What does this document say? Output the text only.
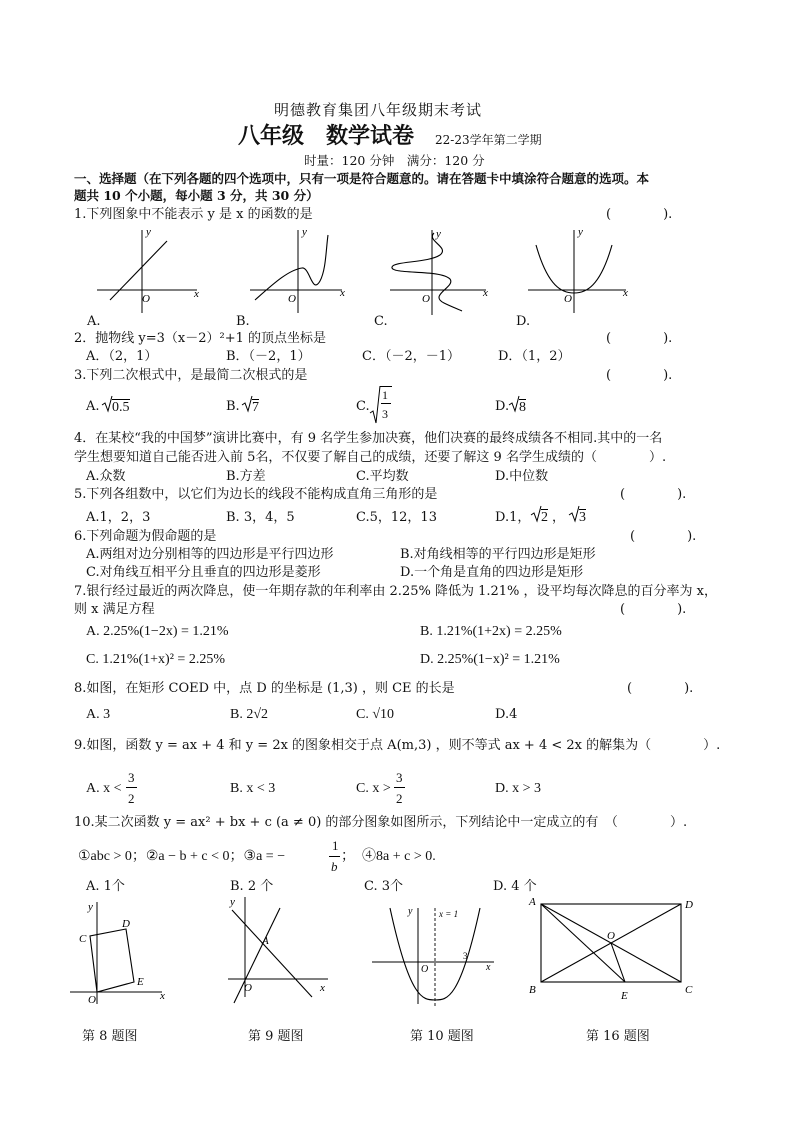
明德教育集团八年级期末考试
八年级　数学试卷 22-23学年第二学期
时量：120 分钟　满分：120 分
一、选择题（在下列各题的四个选项中，只有一项是符合题意的。请在答题卡中填涂符合题意的选项。本
题共 10 个小题，每小题 3 分，共 30 分）
1.下列图象中不能表示 y 是 x 的函数的是	(　　　　).
y
x
O
y
x
O
y
x
O
y
x
O
A.	B.	C.	D.
2．抛物线 y=3（x－2）²+1 的顶点坐标是	(　　　　).
A．（2，1）	B．（－2，1）	C．（－2，－1）	D．（1，2）
3.下列二次根式中，是最简二次根式的是	(　　　　).
A. 0.5	B. 7	C.
1
3	D. 8
4．在某校“我的中国梦”演讲比赛中，有 9 名学生参加决赛，他们决赛的最终成绩各不相同.其中的一名
学生想要知道自己能否进入前 5名，不仅要了解自己的成绩，还要了解这 9 名学生成绩的（　　　　）.
A.众数	B.方差	C.平均数	D.中位数
5.下列各组数中，以它们为边长的线段不能构成直角三角形的是	(　　　　).
A.1，2，3	B. 3，4，5	C.5，12，13	D.1， 2 ， 3
6.下列命题为假命题的是	(　　　　).
A.两组对边分别相等的四边形是平行四边形	B.对角线相等的平行四边形是矩形
C.对角线互相平分且垂直的四边形是菱形	D.一个角是直角的四边形是矩形
7.银行经过最近的两次降息，使一年期存款的年利率由 2.25% 降低为 1.21% ，设平均每次降息的百分率为 x，
则 x 满足方程	(　　　　).
A. 2.25%(1−2x) = 1.21%	B. 1.21%(1+2x) = 2.25%
C. 1.21%(1+x)² = 2.25%	D. 2.25%(1−x)² = 1.21%
8.如图，在矩形 COED 中，点 D 的坐标是 (1,3) ，则 CE 的长是	(　　　　).
A. 3	B. 2√2	C. √10	D.4
9.如图，函数 y = ax + 4 和 y = 2x 的图象相交于点 A(m,3) ，则不等式 ax + 4 < 2x 的解集为（　　　　）.
A. x <
3
2
B. x < 3	C. x >
3
2
D. x > 3
10.某二次函数 y = ax² + bx + c (a ≠ 0) 的部分图象如图所示，下列结论中一定成立的有　（　　　　）.
①abc > 0；②a − b + c < 0；③a = −
1
b
；　④8a + c > 0.
A. 1个	B. 2 个	C. 3个	D. 4 个
y
C
D
E
O	x
第 8 题图
y
A
O	x
第 9 题图
y	x = 1
3
O	x
第 10 题图
A	D
O
B	E	C
第 16 题图
